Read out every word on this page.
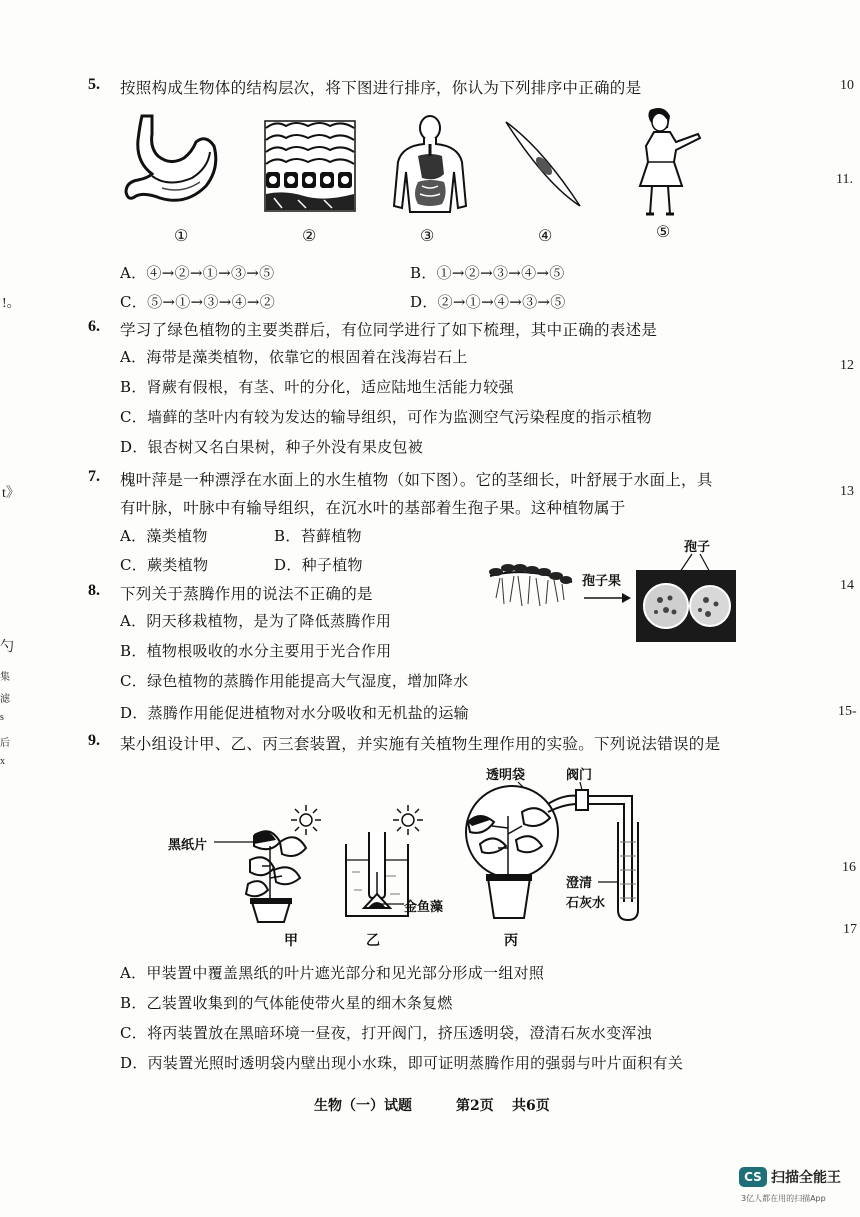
10
11.
12
13
14
15-
16
17
!。
t》
勺
集
滤
s
后
x
5. 按照构成生物体的结构层次，将下图进行排序，你认为下列排序中正确的是
①	②	③	④	⑤
A．④→②→①→③→⑤	B．①→②→③→④→⑤
C．⑤→①→③→④→②	D．②→①→④→③→⑤
6. 学习了绿色植物的主要类群后，有位同学进行了如下梳理，其中正确的表述是
A．海带是藻类植物，依靠它的根固着在浅海岩石上
B．肾蕨有假根，有茎、叶的分化，适应陆地生活能力较强
C．墙藓的茎叶内有较为发达的输导组织，可作为监测空气污染程度的指示植物
D．银杏树又名白果树，种子外没有果皮包被
7. 槐叶萍是一种漂浮在水面上的水生植物（如下图）。它的茎细长，叶舒展于水面上，具
有叶脉，叶脉中有输导组织，在沉水叶的基部着生孢子果。这种植物属于
A．藻类植物	B．苔藓植物
C．蕨类植物	D．种子植物
孢子果
孢子
8. 下列关于蒸腾作用的说法不正确的是
A．阴天移栽植物，是为了降低蒸腾作用
B．植物根吸收的水分主要用于光合作用
C．绿色植物的蒸腾作用能提高大气湿度，增加降水
D．蒸腾作用能促进植物对水分吸收和无机盐的运输
9. 某小组设计甲、乙、丙三套装置，并实施有关植物生理作用的实验。下列说法错误的是
黑纸片
甲
金鱼藻
乙
透明袋	阀门
澄清
石灰水
丙
A．甲装置中覆盖黑纸的叶片遮光部分和见光部分形成一组对照
B．乙装置收集到的气体能使带火星的细木条复燃
C．将丙装置放在黑暗环境一昼夜，打开阀门，挤压透明袋，澄清石灰水变浑浊
D．丙装置光照时透明袋内壁出现小水珠，即可证明蒸腾作用的强弱与叶片面积有关
生物（一）试题	第2页 共6页
CS 扫描全能王
3亿人都在用的扫描App
